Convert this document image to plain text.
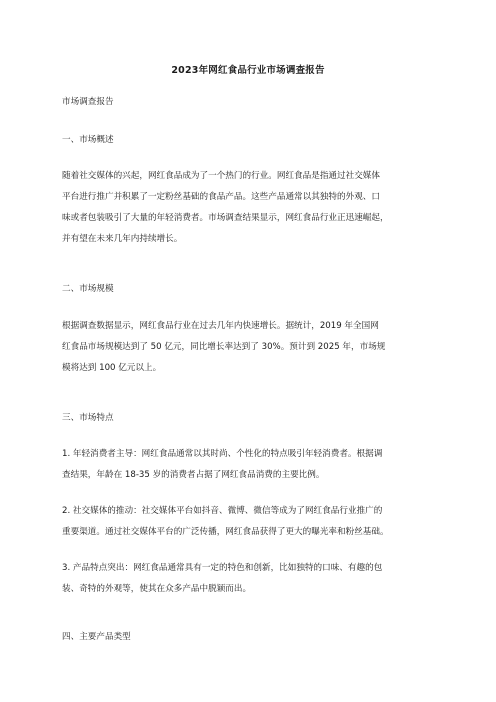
2023年网红食品行业市场调查报告
市场调查报告
一、市场概述
随着社交媒体的兴起，网红食品成为了一个热门的行业。网红食品是指通过社交媒体
平台进行推广并积累了一定粉丝基础的食品产品。这些产品通常以其独特的外观、口
味或者包装吸引了大量的年轻消费者。市场调查结果显示，网红食品行业正迅速崛起，
并有望在未来几年内持续增长。
二、市场规模
根据调查数据显示，网红食品行业在过去几年内快速增长。据统计，2019 年全国网
红食品市场规模达到了 50 亿元，同比增长率达到了 30%。预计到 2025 年，市场规
模将达到 100 亿元以上。
三、市场特点
1. 年轻消费者主导：网红食品通常以其时尚、个性化的特点吸引年轻消费者。根据调
查结果，年龄在 18-35 岁的消费者占据了网红食品消费的主要比例。
2. 社交媒体的推动：社交媒体平台如抖音、微博、微信等成为了网红食品行业推广的
重要渠道。通过社交媒体平台的广泛传播，网红食品获得了更大的曝光率和粉丝基础。
3. 产品特点突出：网红食品通常具有一定的特色和创新，比如独特的口味、有趣的包
装、奇特的外观等，使其在众多产品中脱颖而出。
四、主要产品类型
